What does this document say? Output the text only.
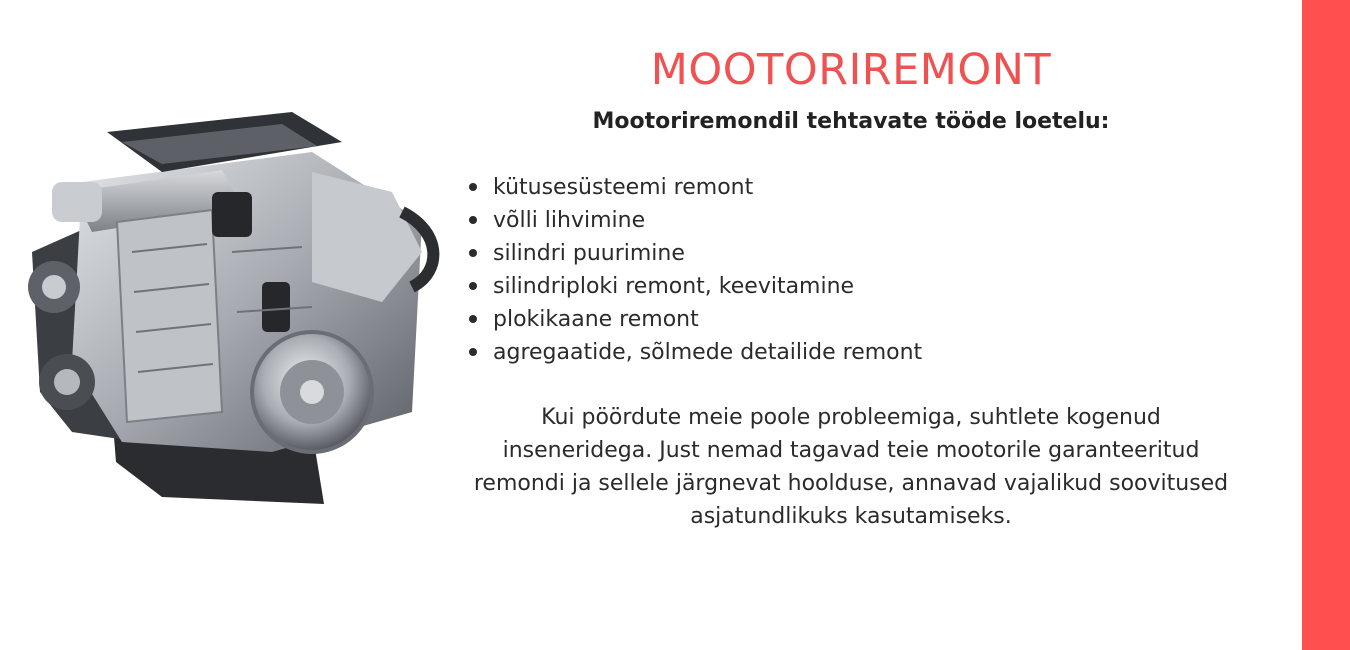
MOOTORIREMONT
Mootoriremondil tehtavate tööde loetelu:
kütusesüsteemi remont
võlli lihvimine
silindri puurimine
silindriploki remont, keevitamine
plokikaane remont
agregaatide, sõlmede detailide remont

Kui pöördute meie poole probleemiga, suhtlete kogenud inseneridega. Just nemad tagavad teie mootorile garanteeritud remondi ja sellele järgnevat hoolduse, annavad vajalikud soovitused asjatundlikuks kasutamiseks.
